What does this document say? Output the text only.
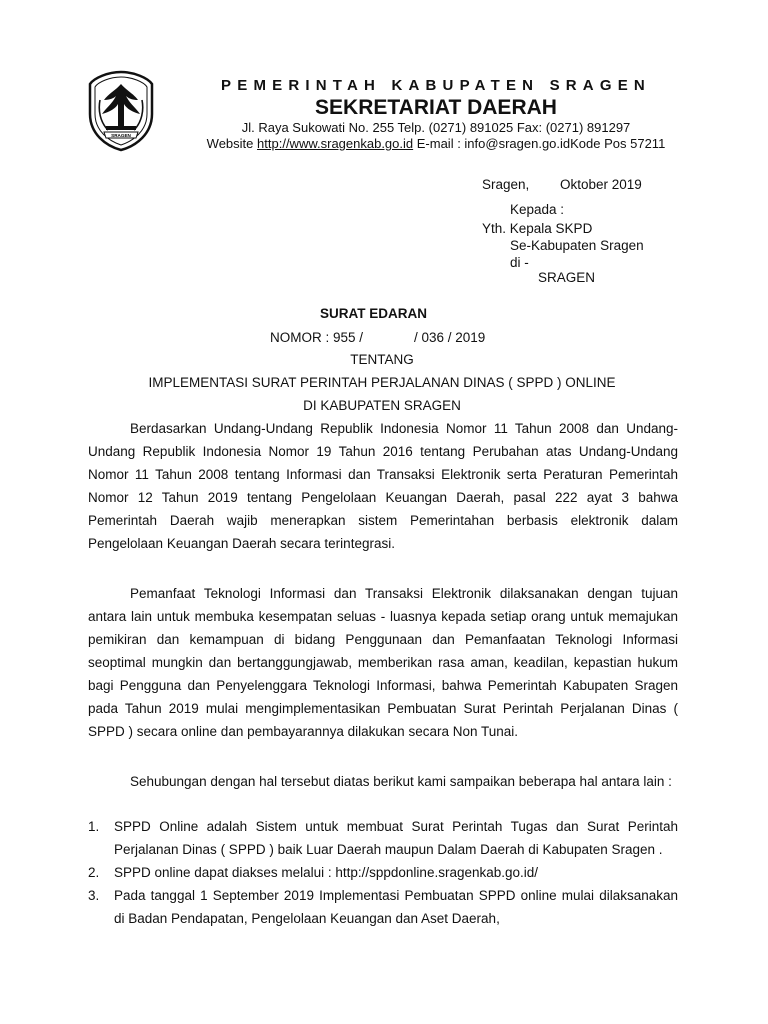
SRAGEN
PEMERINTAH KABUPATEN SRAGEN
SEKRETARIAT DAERAH
Jl. Raya Sukowati No. 255 Telp. (0271) 891025 Fax: (0271) 891297
Website http://www.sragenkab.go.id E-mail : info@sragen.go.idKode Pos 57211
Sragen, Oktober 2019
Kepada :
Yth. Kepala SKPD
Se-Kabupaten Sragen
di -
SRAGEN
SURAT EDARAN
NOMOR : 955 /	/ 036 / 2019
TENTANG
IMPLEMENTASI SURAT PERINTAH PERJALANAN DINAS ( SPPD ) ONLINE
DI KABUPATEN SRAGEN

Berdasarkan Undang-Undang Republik Indonesia Nomor 11 Tahun 2008 dan Undang-Undang Republik Indonesia Nomor 19 Tahun 2016 tentang Perubahan atas Undang-Undang Nomor 11 Tahun 2008 tentang Informasi dan Transaksi Elektronik serta Peraturan Pemerintah Nomor 12 Tahun 2019 tentang Pengelolaan Keuangan Daerah, pasal 222 ayat 3 bahwa Pemerintah Daerah wajib menerapkan sistem Pemerintahan berbasis elektronik dalam Pengelolaan Keuangan Daerah secara terintegrasi.

Pemanfaat Teknologi Informasi dan Transaksi Elektronik dilaksanakan dengan tujuan antara lain untuk membuka kesempatan seluas - luasnya kepada setiap orang untuk memajukan pemikiran dan kemampuan di bidang Penggunaan dan Pemanfaatan Teknologi Informasi seoptimal mungkin dan bertanggungjawab, memberikan rasa aman, keadilan, kepastian hukum bagi Pengguna dan Penyelenggara Teknologi Informasi, bahwa Pemerintah Kabupaten Sragen pada Tahun 2019 mulai mengimplementasikan Pembuatan Surat Perintah Perjalanan Dinas ( SPPD ) secara online dan pembayarannya dilakukan secara Non Tunai.

Sehubungan dengan hal tersebut diatas berikut kami sampaikan beberapa hal antara lain :

1. SPPD Online adalah Sistem untuk membuat Surat Perintah Tugas dan Surat Perintah Perjalanan Dinas ( SPPD ) baik Luar Daerah maupun Dalam Daerah di Kabupaten Sragen .
2. SPPD online dapat diakses melalui : http://sppdonline.sragenkab.go.id/
3. Pada tanggal 1 September 2019 Implementasi Pembuatan SPPD online mulai dilaksanakan di Badan Pendapatan, Pengelolaan Keuangan dan Aset Daerah,
